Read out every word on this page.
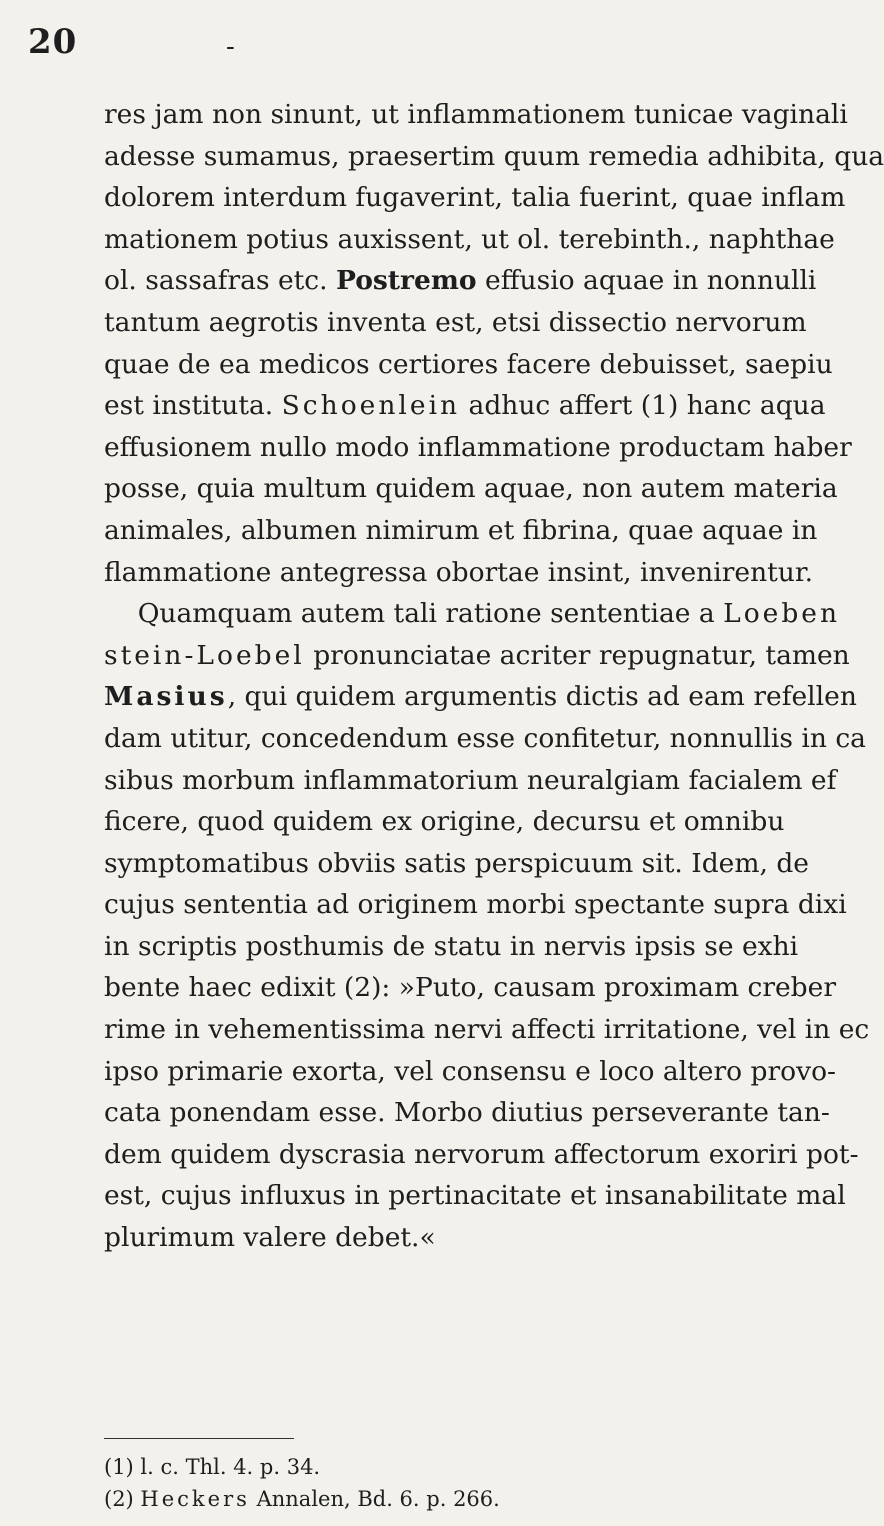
20	-
res jam non sinunt, ut inflammationem tunicae vaginali
adesse sumamus, praesertim quum remedia adhibita, qua
dolorem interdum fugaverint, talia fuerint, quae inflam
mationem potius auxissent, ut ol. terebinth., naphthae
ol. sassafras etc. Postremo effusio aquae in nonnulli
tantum aegrotis inventa est, etsi dissectio nervorum
quae de ea medicos certiores facere debuisset, saepiu
est instituta. Schoenlein adhuc affert (1) hanc aqua
effusionem nullo modo inflammatione productam haber
posse, quia multum quidem aquae, non autem materia
animales, albumen nimirum et fibrina, quae aquae in
flammatione antegressa obortae insint, invenirentur.
Quamquam autem tali ratione sententiae a Loeben
stein-Loebel pronunciatae acriter repugnatur, tamen
Masius, qui quidem argumentis dictis ad eam refellen
dam utitur, concedendum esse confitetur, nonnullis in ca
sibus morbum inflammatorium neuralgiam facialem ef
ficere, quod quidem ex origine, decursu et omnibu
symptomatibus obviis satis perspicuum sit. Idem, de
cujus sententia ad originem morbi spectante supra dixi
in scriptis posthumis de statu in nervis ipsis se exhi
bente haec edixit (2): »Puto, causam proximam creber
rime in vehementissima nervi affecti irritatione, vel in ec
ipso primarie exorta, vel consensu e loco altero provo-
cata ponendam esse. Morbo diutius perseverante tan-
dem quidem dyscrasia nervorum affectorum exoriri pot-
est, cujus influxus in pertinacitate et insanabilitate mal
plurimum valere debet.«
(1) l. c. Thl. 4. p. 34.
(2) Heckers Annalen, Bd. 6. p. 266.
